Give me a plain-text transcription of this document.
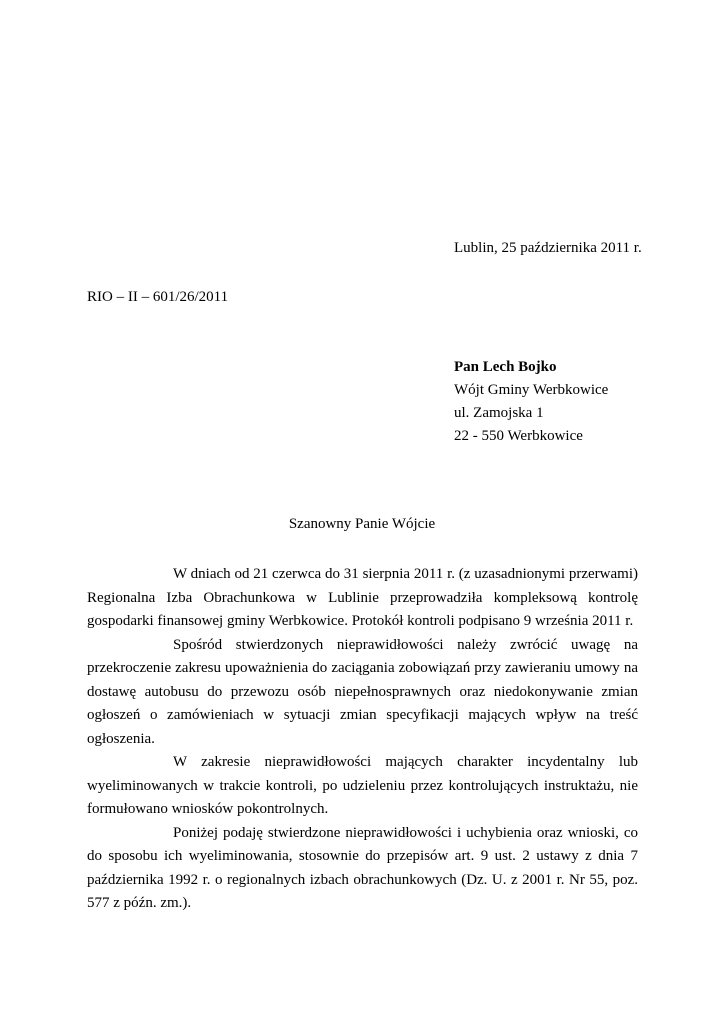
Lublin, 25 października 2011 r.
RIO – II – 601/26/2011
Pan Lech Bojko
Wójt Gminy Werbkowice
ul. Zamojska 1
22 - 550 Werbkowice
Szanowny Panie Wójcie

W dniach od 21 czerwca do 31 sierpnia 2011 r. (z uzasadnionymi przerwami) Regionalna Izba Obrachunkowa w Lublinie przeprowadziła kompleksową kontrolę gospodarki finansowej gminy Werbkowice. Protokół kontroli podpisano 9 września 2011 r.

Spośród stwierdzonych nieprawidłowości należy zwrócić uwagę na przekroczenie zakresu upoważnienia do zaciągania zobowiązań przy zawieraniu umowy na dostawę autobusu do przewozu osób niepełnosprawnych oraz niedokonywanie zmian ogłoszeń o zamówieniach w sytuacji zmian specyfikacji mających wpływ na treść ogłoszenia.

W zakresie nieprawidłowości mających charakter incydentalny lub wyeliminowanych w trakcie kontroli, po udzieleniu przez kontrolujących instruktażu, nie formułowano wniosków pokontrolnych.

Poniżej podaję stwierdzone nieprawidłowości i uchybienia oraz wnioski, co do sposobu ich wyeliminowania, stosownie do przepisów art. 9 ust. 2 ustawy z dnia 7 października 1992 r. o regionalnych izbach obrachunkowych (Dz. U. z 2001 r. Nr 55, poz. 577 z późn. zm.).
